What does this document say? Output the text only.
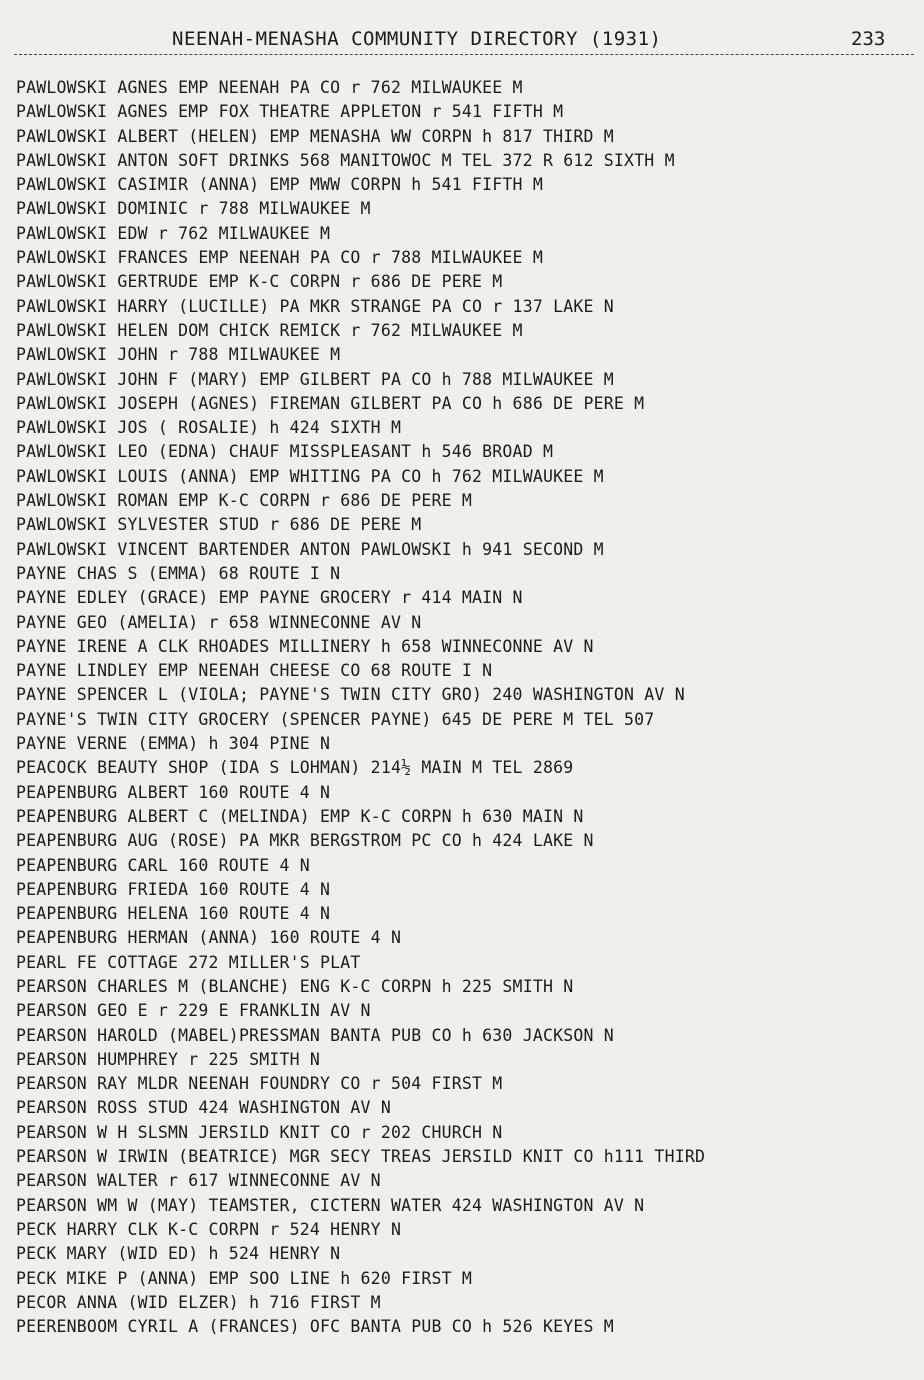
NEENAH-MENASHA COMMUNITY DIRECTORY (1931)	233
PAWLOWSKI AGNES EMP NEENAH PA CO r 762 MILWAUKEE M
PAWLOWSKI AGNES EMP FOX THEATRE APPLETON r 541 FIFTH M
PAWLOWSKI ALBERT (HELEN) EMP MENASHA WW CORPN h 817 THIRD M
PAWLOWSKI ANTON SOFT DRINKS 568 MANITOWOC M TEL 372 R 612 SIXTH M
PAWLOWSKI CASIMIR (ANNA) EMP MWW CORPN h 541 FIFTH M
PAWLOWSKI DOMINIC r 788 MILWAUKEE M
PAWLOWSKI EDW r 762 MILWAUKEE M
PAWLOWSKI FRANCES EMP NEENAH PA CO r 788 MILWAUKEE M
PAWLOWSKI GERTRUDE EMP K-C CORPN r 686 DE PERE M
PAWLOWSKI HARRY (LUCILLE) PA MKR STRANGE PA CO r 137 LAKE N
PAWLOWSKI HELEN DOM CHICK REMICK r 762 MILWAUKEE M
PAWLOWSKI JOHN r 788 MILWAUKEE M
PAWLOWSKI JOHN F (MARY) EMP GILBERT PA CO h 788 MILWAUKEE M
PAWLOWSKI JOSEPH (AGNES) FIREMAN GILBERT PA CO h 686 DE PERE M
PAWLOWSKI JOS ( ROSALIE) h 424 SIXTH M
PAWLOWSKI LEO (EDNA) CHAUF MISSPLEASANT h 546 BROAD M
PAWLOWSKI LOUIS (ANNA) EMP WHITING PA CO h 762 MILWAUKEE M
PAWLOWSKI ROMAN EMP K-C CORPN r 686 DE PERE M
PAWLOWSKI SYLVESTER STUD r 686 DE PERE M
PAWLOWSKI VINCENT BARTENDER ANTON PAWLOWSKI h 941 SECOND M
PAYNE CHAS S (EMMA) 68 ROUTE I N
PAYNE EDLEY (GRACE) EMP PAYNE GROCERY r 414 MAIN N
PAYNE GEO (AMELIA) r 658 WINNECONNE AV N
PAYNE IRENE A CLK RHOADES MILLINERY h 658 WINNECONNE AV N
PAYNE LINDLEY EMP NEENAH CHEESE CO 68 ROUTE I N
PAYNE SPENCER L (VIOLA; PAYNE'S TWIN CITY GRO) 240 WASHINGTON AV N
PAYNE'S TWIN CITY GROCERY (SPENCER PAYNE) 645 DE PERE M TEL 507
PAYNE VERNE (EMMA) h 304 PINE N
PEACOCK BEAUTY SHOP (IDA S LOHMAN) 214½ MAIN M TEL 2869
PEAPENBURG ALBERT 160 ROUTE 4 N
PEAPENBURG ALBERT C (MELINDA) EMP K-C CORPN h 630 MAIN N
PEAPENBURG AUG (ROSE) PA MKR BERGSTROM PC CO h 424 LAKE N
PEAPENBURG CARL 160 ROUTE 4 N
PEAPENBURG FRIEDA 160 ROUTE 4 N
PEAPENBURG HELENA 160 ROUTE 4 N
PEAPENBURG HERMAN (ANNA) 160 ROUTE 4 N
PEARL FE COTTAGE 272 MILLER'S PLAT
PEARSON CHARLES M (BLANCHE) ENG K-C CORPN h 225 SMITH N
PEARSON GEO E r 229 E FRANKLIN AV N
PEARSON HAROLD (MABEL)PRESSMAN BANTA PUB CO h 630 JACKSON N
PEARSON HUMPHREY r 225 SMITH N
PEARSON RAY MLDR NEENAH FOUNDRY CO r 504 FIRST M
PEARSON ROSS STUD 424 WASHINGTON AV N
PEARSON W H SLSMN JERSILD KNIT CO r 202 CHURCH N
PEARSON W IRWIN (BEATRICE) MGR SECY TREAS JERSILD KNIT CO h111 THIRD
PEARSON WALTER r 617 WINNECONNE AV N
PEARSON WM W (MAY) TEAMSTER, CICTERN WATER 424 WASHINGTON AV N
PECK HARRY CLK K-C CORPN r 524 HENRY N
PECK MARY (WID ED) h 524 HENRY N
PECK MIKE P (ANNA) EMP SOO LINE h 620 FIRST M
PECOR ANNA (WID ELZER) h 716 FIRST M
PEERENBOOM CYRIL A (FRANCES) OFC BANTA PUB CO h 526 KEYES M
